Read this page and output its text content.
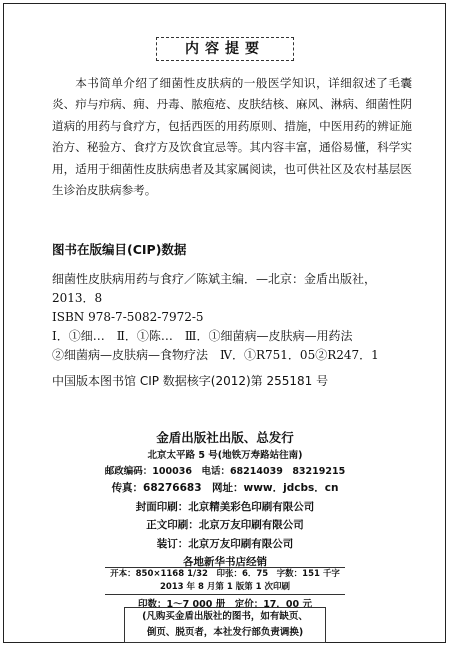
内容提要

本书简单介绍了细菌性皮肤病的一般医学知识，详细叙述了毛囊炎、疖与疖病、痈、丹毒、脓疱疮、皮肤结核、麻风、淋病、细菌性阴道病的用药与食疗方，包括西医的用药原则、措施，中医用药的辨证施治方、秘验方、食疗方及饮食宜忌等。其内容丰富，通俗易懂，科学实用，适用于细菌性皮肤病患者及其家属阅读，也可供社区及农村基层医生诊治皮肤病参考。

图书在版编目(CIP)数据
细菌性皮肤病用药与食疗／陈斌主编．—北京：金盾出版社，
2013．8
ISBN 978-7-5082-7972-5
Ⅰ．①细…　Ⅱ．①陈…　Ⅲ．①细菌病—皮肤病—用药法
②细菌病—皮肤病—食物疗法　Ⅳ．①R751．05②R247．1
中国版本图书馆 CIP 数据核字(2012)第 255181 号
金盾出版社出版、总发行
北京太平路 5 号(地铁万寿路站往南)
邮政编码：100036　电话：68214039　83219215
传真：68276683　网址：www．jdcbs．cn
封面印刷：北京精美彩色印刷有限公司
正文印刷：北京万友印刷有限公司
装订：北京万友印刷有限公司
各地新华书店经销
开本：850×1168 1/32　印张：6．75　字数：151 千字
2013 年 8 月第 1 版第 1 次印刷
印数：1～7 000 册　定价：17．00 元
(凡购买金盾出版社的图书，如有缺页、
倒页、脱页者，本社发行部负责调换)
